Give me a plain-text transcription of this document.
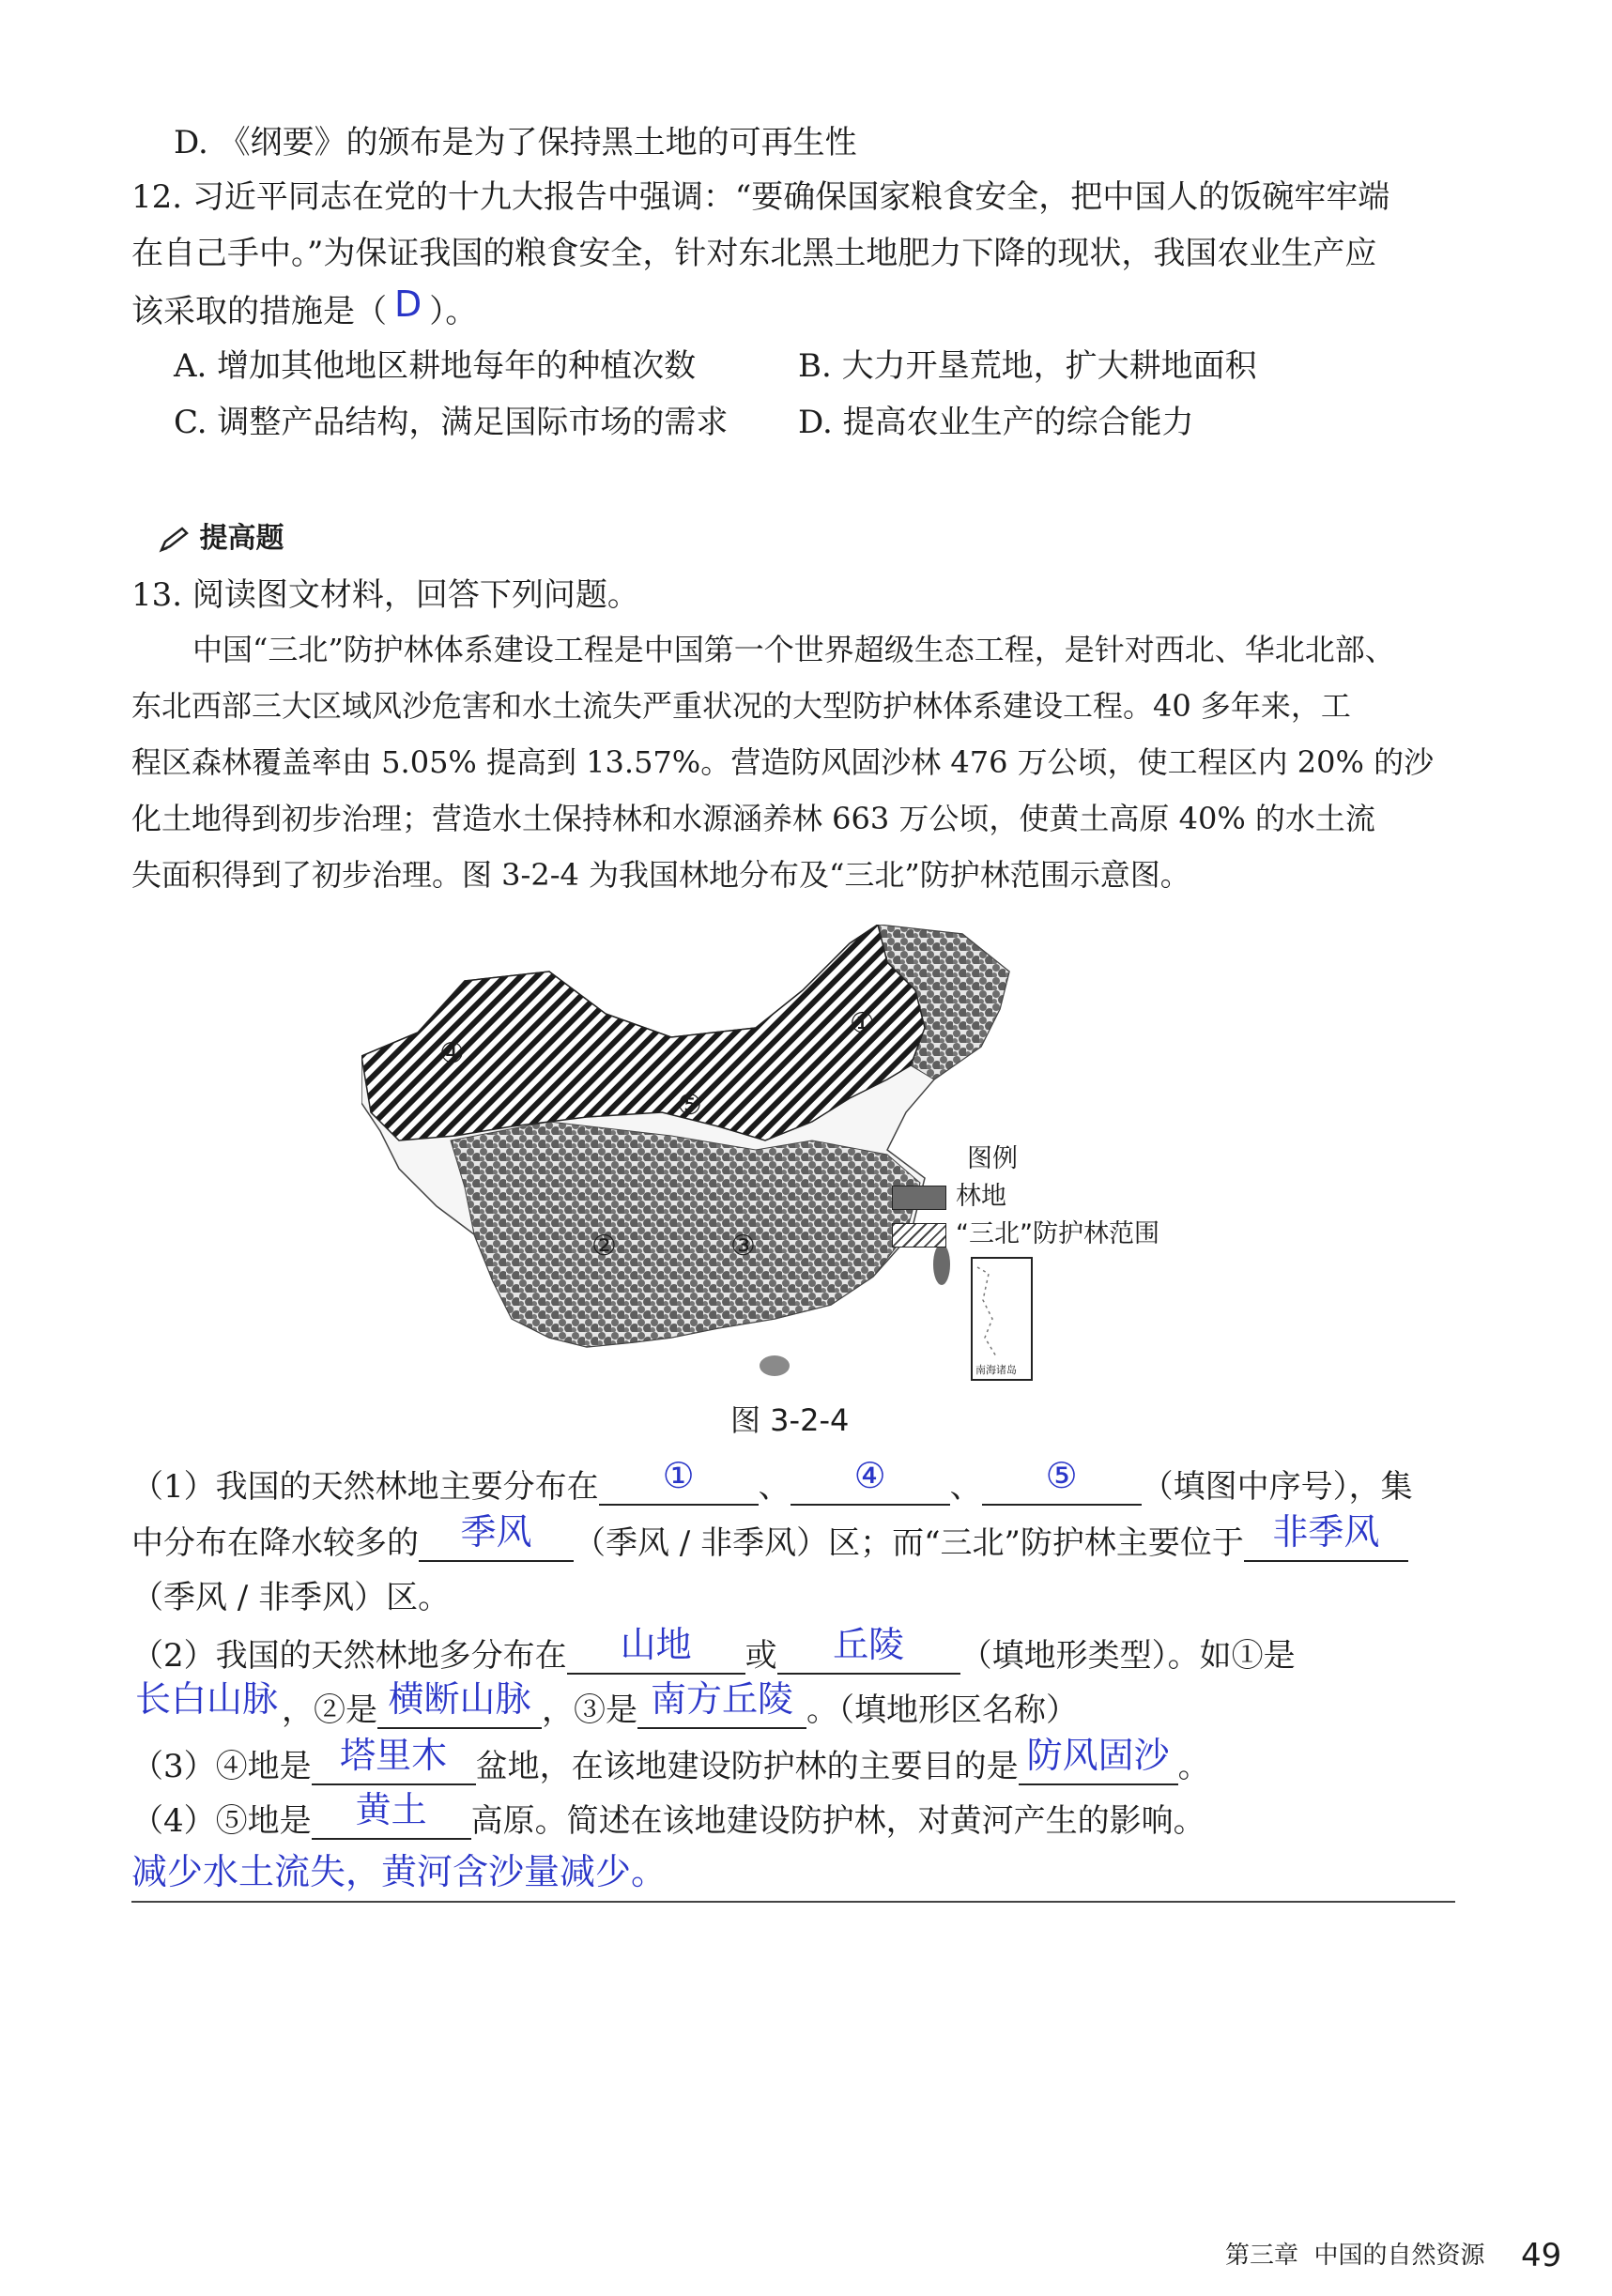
D. 《纲要》的颁布是为了保持黑土地的可再生性
12. 习近平同志在党的十九大报告中强调：“要确保国家粮食安全，把中国人的饭碗牢牢端
在自己手中。”为保证我国的粮食安全，针对东北黑土地肥力下降的现状，我国农业生产应
该采取的措施是（ D ）。
A. 增加其他地区耕地每年的种植次数	B. 大力开垦荒地，扩大耕地面积
C. 调整产品结构，满足国际市场的需求 D. 提高农业生产的综合能力
提高题
13. 阅读图文材料，回答下列问题。
中国“三北”防护林体系建设工程是中国第一个世界超级生态工程，是针对西北、华北北部、
东北西部三大区域风沙危害和水土流失严重状况的大型防护林体系建设工程。40 多年来，工
程区森林覆盖率由 5.05% 提高到 13.57%。营造防风固沙林 476 万公顷，使工程区内 20% 的沙
化土地得到初步治理；营造水土保持林和水源涵养林 663 万公顷，使黄土高原 40% 的水土流
失面积得到了初步治理。图 3-2-4 为我国林地分布及“三北”防护林范围示意图。
①
④
⑤
②	③
南海诸岛
图例
林地
“三北”防护林范围
图 3-2-4
（1）我国的天然林地主要分布在 ① 、 ④ 、 ⑤ （填图中序号），集
中分布在降水较多的 季风 （季风 / 非季风）区；而“三北”防护林主要位于 非季风
（季风 / 非季风）区。
（2）我国的天然林地多分布在 山地 或 丘陵 （填地形类型）。如①是
长白山脉 ，②是 横断山脉 ，③是 南方丘陵 。（填地形区名称）
（3）④地是 塔里木 盆地，在该地建设防护林的主要目的是 防风固沙 。
（4）⑤地是 黄土 高原。简述在该地建设防护林，对黄河产生的影响。
减少水土流失，黄河含沙量减少。
第三章 中国的自然资源 49
